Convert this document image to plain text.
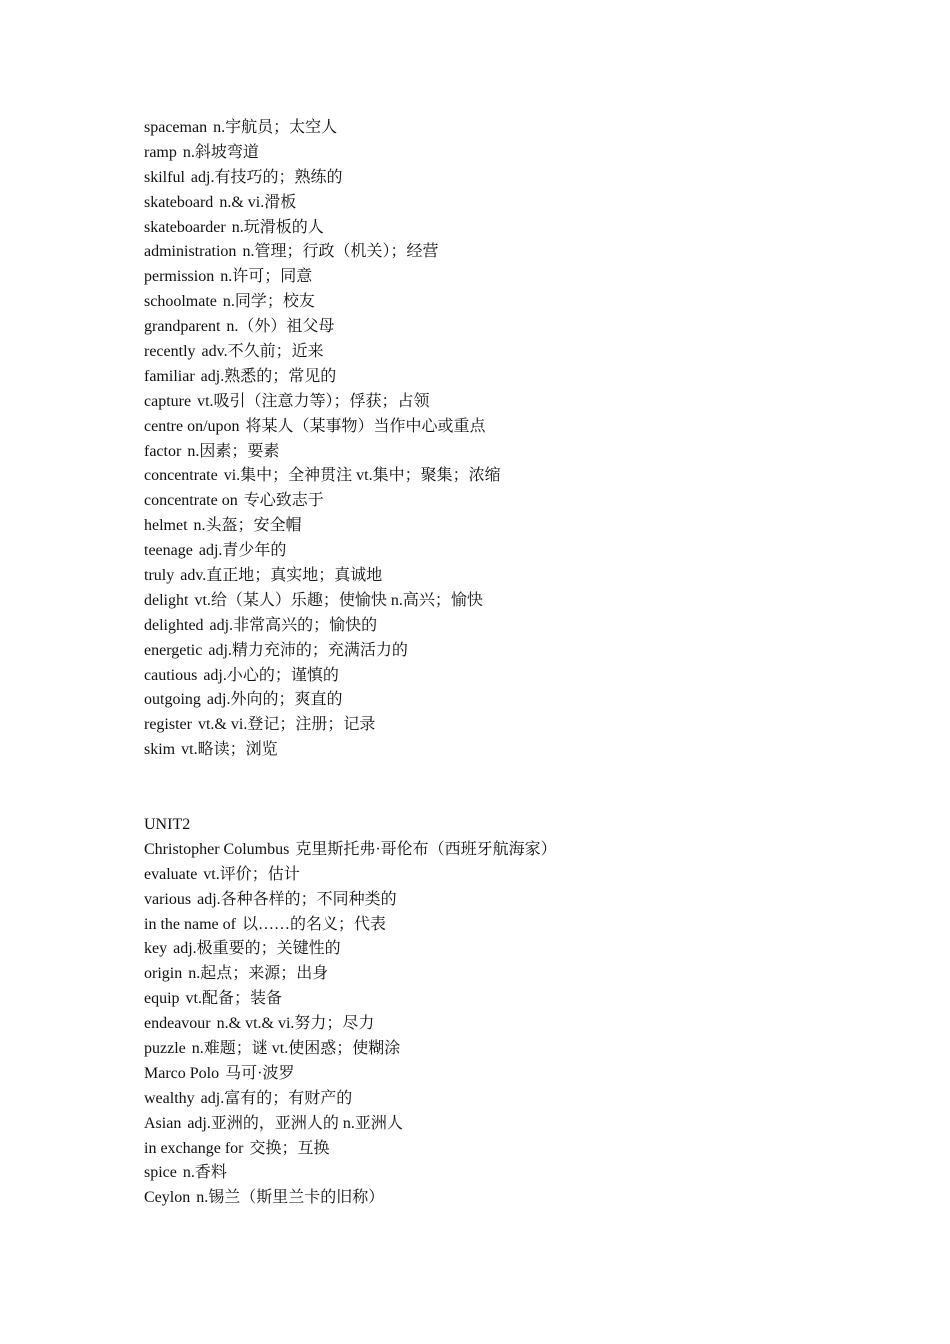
spaceman n.宇航员；太空人
ramp n.斜坡弯道
skilful adj.有技巧的；熟练的
skateboard n.& vi.滑板
skateboarder n.玩滑板的人
administration n.管理；行政（机关）；经营
permission n.许可；同意
schoolmate n.同学；校友
grandparent n.（外）祖父母
recently adv.不久前；近来
familiar adj.熟悉的；常见的
capture vt.吸引（注意力等）；俘获；占领
centre on/upon 将某人（某事物）当作中心或重点
factor n.因素；要素
concentrate vi.集中；全神贯注 vt.集中；聚集；浓缩
concentrate on 专心致志于
helmet n.头盔；安全帽
teenage adj.青少年的
truly adv.直正地；真实地；真诚地
delight vt.给（某人）乐趣；使愉快 n.高兴；愉快
delighted adj.非常高兴的；愉快的
energetic adj.精力充沛的；充满活力的
cautious adj.小心的；谨慎的
outgoing adj.外向的；爽直的
register vt.& vi.登记；注册；记录
skim vt.略读；浏览
UNIT2
Christopher Columbus 克里斯托弗·哥伦布（西班牙航海家）
evaluate vt.评价；估计
various adj.各种各样的；不同种类的
in the name of 以……的名义；代表
key adj.极重要的；关键性的
origin n.起点；来源；出身
equip vt.配备；装备
endeavour n.& vt.& vi.努力；尽力
puzzle n.难题；谜 vt.使困惑；使糊涂
Marco Polo 马可·波罗
wealthy adj.富有的；有财产的
Asian adj.亚洲的，亚洲人的 n.亚洲人
in exchange for 交换；互换
spice n.香料
Ceylon n.锡兰（斯里兰卡的旧称）
